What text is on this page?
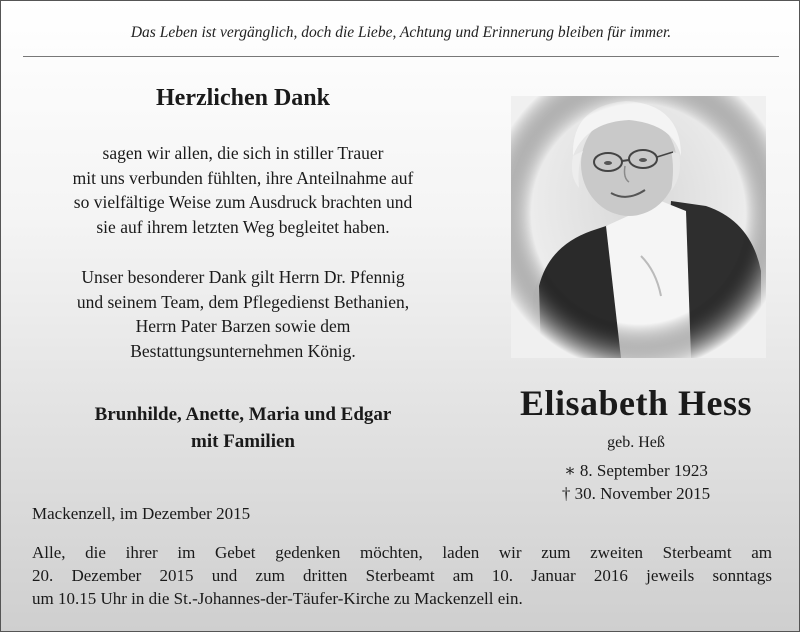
Das Leben ist vergänglich, doch die Liebe, Achtung und Erinnerung bleiben für immer.
Herzlichen Dank
sagen wir allen, die sich in stiller Trauer
mit uns verbunden fühlten, ihre Anteilnahme auf
so vielfältige Weise zum Ausdruck brachten und
sie auf ihrem letzten Weg begleitet haben.
Unser besonderer Dank gilt Herrn Dr. Pfennig
und seinem Team, dem Pflegedienst Bethanien,
Herrn Pater Barzen sowie dem
Bestattungsunternehmen König.
Brunhilde, Anette, Maria und Edgar
mit Familien
Elisabeth Hess
geb. Heß
∗ 8. September 1923
† 30. November 2015
Mackenzell, im Dezember 2015
Alle, die ihrer im Gebet gedenken möchten, laden wir zum zweiten Sterbeamt am
20. Dezember 2015 und zum dritten Sterbeamt am 10. Januar 2016 jeweils sonntags
um 10.15 Uhr in die St.-Johannes-der-Täufer-Kirche zu Mackenzell ein.
